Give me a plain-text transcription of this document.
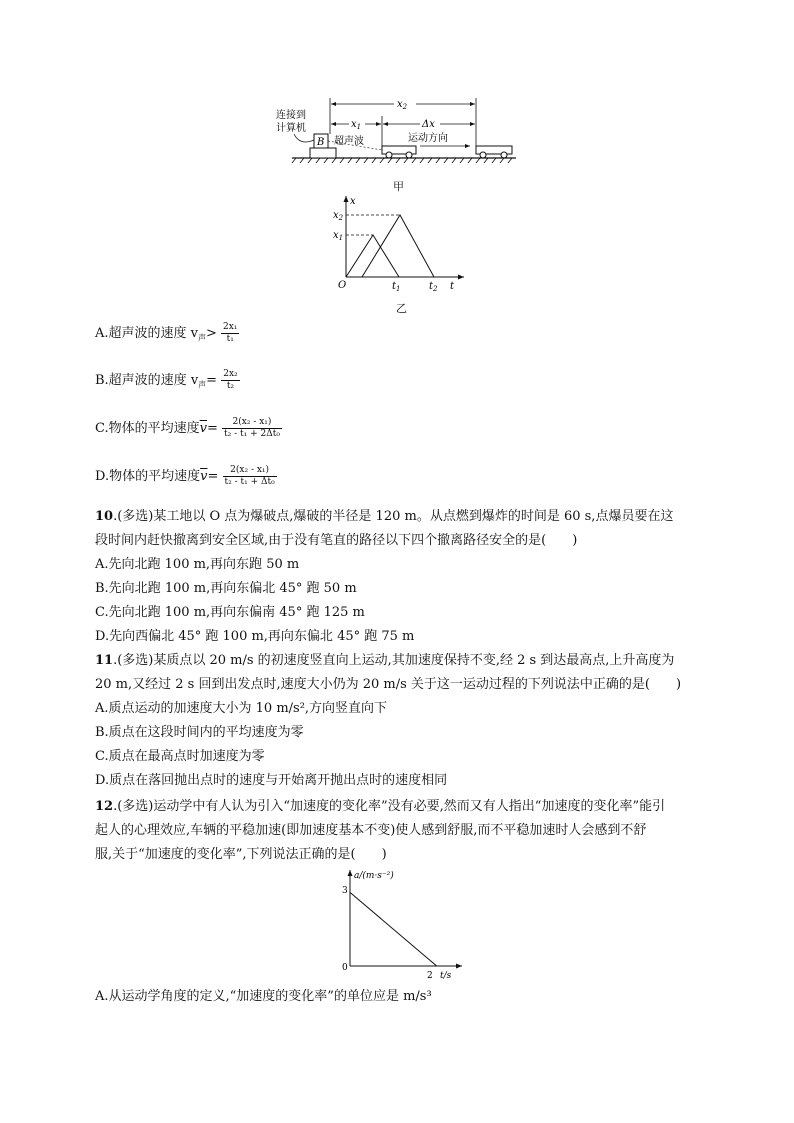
连接到
计算机
B
$x_2$
$x_1$	Δx
运动方向
超声波
甲
x
t
O
$x_2$
$x_1$
$t_1$	$t_2$
乙
A.超声波的速度 $v_声> \frac{\text{2x₁}}{\text{t₁}}$
B.超声波的速度 $v_声= \frac{\text{2x₂}}{\text{t₂}}$
C.物体的平均速度$\overline{v}= \frac{\text{2(x₂ - x₁)}}{\text{t₂ - t₁ + 2Δt₀}}$
D.物体的平均速度$\overline{v}= \frac{\text{2(x₂ - x₁)}}{\text{t₂ - t₁ + Δt₀}}$
10.(多选)某工地以 O 点为爆破点,爆破的半径是 120 m。从点燃到爆炸的时间是 60 s,点爆员要在这
段时间内赶快撤离到安全区域,由于没有笔直的路径以下四个撤离路径安全的是(　　)
A.先向北跑 100 m,再向东跑 50 m
B.先向北跑 100 m,再向东偏北 45° 跑 50 m
C.先向北跑 100 m,再向东偏南 45° 跑 125 m
D.先向西偏北 45° 跑 100 m,再向东偏北 45° 跑 75 m
11.(多选)某质点以 20 m/s 的初速度竖直向上运动,其加速度保持不变,经 2 s 到达最高点,上升高度为
20 m,又经过 2 s 回到出发点时,速度大小仍为 20 m/s 关于这一运动过程的下列说法中正确的是(　　)
A.质点运动的加速度大小为 10 m/s²,方向竖直向下
B.质点在这段时间内的平均速度为零
C.质点在最高点时加速度为零
D.质点在落回抛出点时的速度与开始离开抛出点时的速度相同
12.(多选)运动学中有人认为引入“加速度的变化率”没有必要,然而又有人指出“加速度的变化率”能引
起人的心理效应,车辆的平稳加速(即加速度基本不变)使人感到舒服,而不平稳加速时人会感到不舒
服,关于“加速度的变化率”,下列说法正确的是(　　)
a/(m·s⁻²)
t/s
3
0
2
A.从运动学角度的定义,“加速度的变化率”的单位应是 m/s³
